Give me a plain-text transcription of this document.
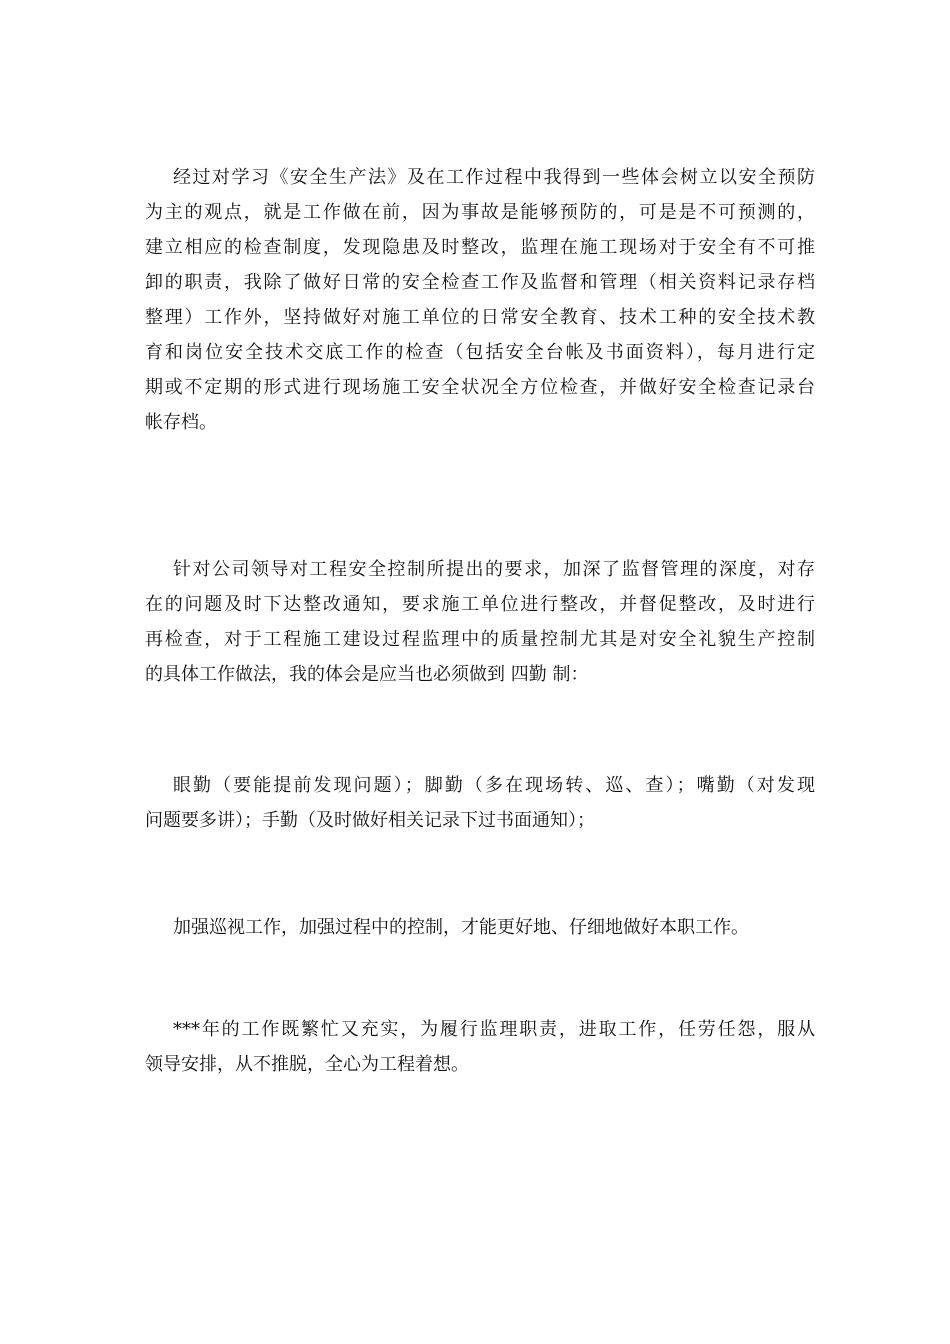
经过对学习《安全生产法》及在工作过程中我得到一些体会树立以安全预防
为主的观点，就是工作做在前，因为事故是能够预防的，可是是不可预测的，
建立相应的检查制度，发现隐患及时整改，监理在施工现场对于安全有不可推
卸的职责，我除了做好日常的安全检查工作及监督和管理（相关资料记录存档
整理）工作外，坚持做好对施工单位的日常安全教育、技术工种的安全技术教
育和岗位安全技术交底工作的检查（包括安全台帐及书面资料），每月进行定
期或不定期的形式进行现场施工安全状况全方位检查，并做好安全检查记录台
帐存档。
针对公司领导对工程安全控制所提出的要求，加深了监督管理的深度，对存
在的问题及时下达整改通知，要求施工单位进行整改，并督促整改，及时进行
再检查，对于工程施工建设过程监理中的质量控制尤其是对安全礼貌生产控制
的具体工作做法，我的体会是应当也必须做到 四勤 制：
眼勤（要能提前发现问题）；脚勤（多在现场转、巡、查）；嘴勤（对发现
问题要多讲）；手勤（及时做好相关记录下过书面通知）；
加强巡视工作，加强过程中的控制，才能更好地、仔细地做好本职工作。
***年的工作既繁忙又充实，为履行监理职责，进取工作，任劳任怨，服从
领导安排，从不推脱，全心为工程着想。
